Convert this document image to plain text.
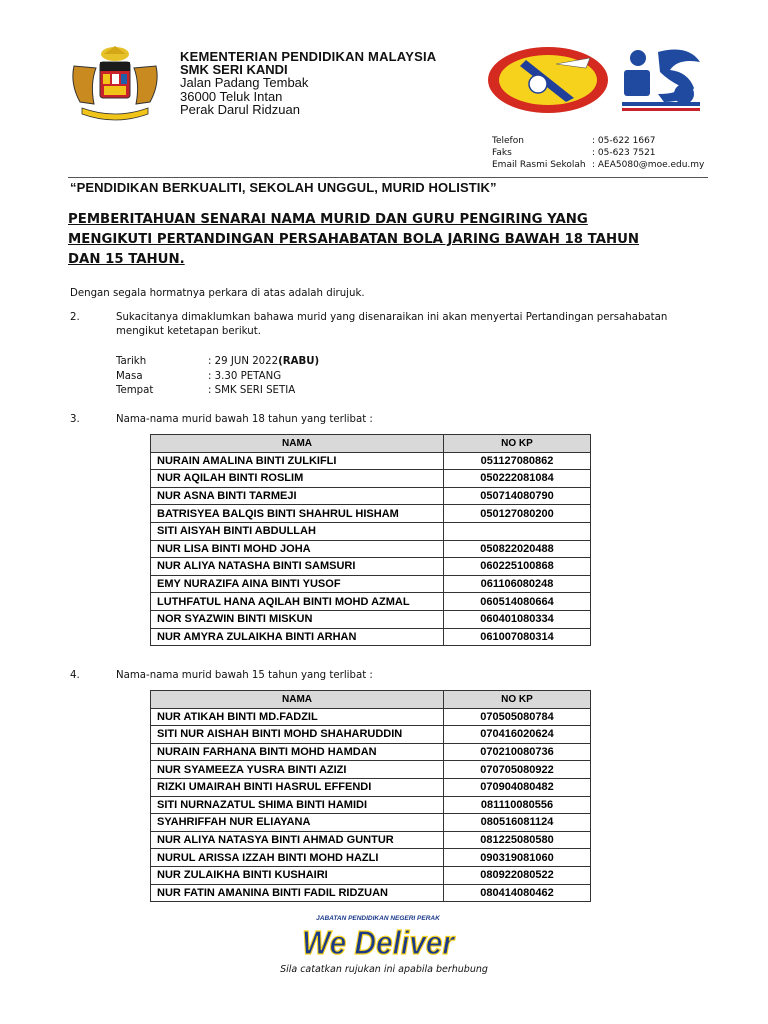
KEMENTERIAN PENDIDIKAN MALAYSIA
SMK SERI KANDI
Jalan Padang Tembak
36000 Teluk Intan
Perak Darul Ridzuan
Telefon	: 05-622 1667
Faks	: 05-623 7521
Email Rasmi Sekolah : AEA5080@moe.edu.my
“PENDIDIKAN BERKUALITI, SEKOLAH UNGGUL, MURID HOLISTIK”
PEMBERITAHUAN SENARAI NAMA MURID DAN GURU PENGIRING YANG
MENGIKUTI PERTANDINGAN PERSAHABATAN BOLA JARING BAWAH 18 TAHUN
DAN 15 TAHUN.
Dengan segala hormatnya perkara di atas adalah dirujuk.
2.	Sukacitanya dimaklumkan bahawa murid yang disenaraikan ini akan menyertai Pertandingan persahabatan mengikut ketetapan berikut.
Tarikh	: 29 JUN 2022 (RABU)
Masa	: 3.30 PETANG
Tempat	: SMK SERI SETIA
3.	Nama-nama murid bawah 18 tahun yang terlibat :
NAMA	NO KP
NURAIN AMALINA BINTI ZULKIFLI	051127080862
NUR AQILAH BINTI ROSLIM	050222081084
NUR ASNA BINTI TARMEJI	050714080790
BATRISYEA BALQIS BINTI SHAHRUL HISHAM	050127080200
SITI AISYAH BINTI ABDULLAH	
NUR LISA BINTI MOHD JOHA	050822020488
NUR ALIYA NATASHA BINTI SAMSURI	060225100868
EMY NURAZIFA AINA BINTI YUSOF	061106080248
LUTHFATUL HANA AQILAH BINTI MOHD AZMAL	060514080664
NOR SYAZWIN BINTI MISKUN	060401080334
NUR AMYRA ZULAIKHA BINTI ARHAN	061007080314
4.	Nama-nama murid bawah 15 tahun yang terlibat :
NAMA	NO KP
NUR ATIKAH BINTI MD.FADZIL	070505080784
SITI NUR AISHAH BINTI MOHD SHAHARUDDIN	070416020624
NURAIN FARHANA BINTI MOHD HAMDAN	070210080736
NUR SYAMEEZA YUSRA BINTI AZIZI	070705080922
RIZKI UMAIRAH BINTI HASRUL EFFENDI	070904080482
SITI NURNAZATUL SHIMA BINTI HAMIDI	081110080556
SYAHRIFFAH NUR ELIAYANA	080516081124
NUR ALIYA NATASYA BINTI AHMAD GUNTUR	081225080580
NURUL ARISSA IZZAH BINTI MOHD HAZLI	090319081060
NUR ZULAIKHA BINTI KUSHAIRI	080922080522
NUR FATIN AMANINA BINTI FADIL RIDZUAN	080414080462
JABATAN PENDIDIKAN NEGERI PERAK
We Deliver
Sila catatkan rujukan ini apabila berhubung
